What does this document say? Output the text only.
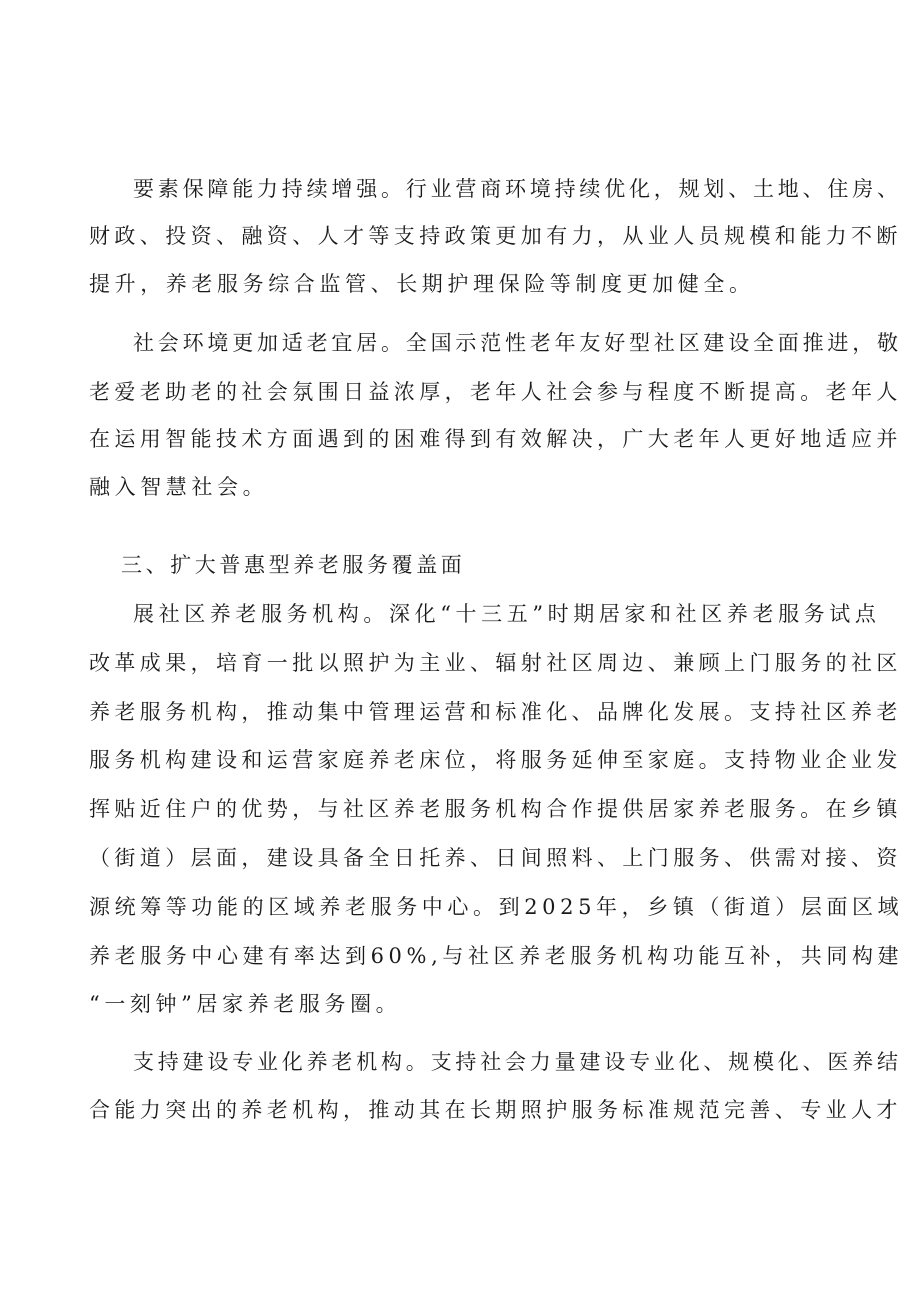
要素保障能力持续增强。行业营商环境持续优化，规划、土地、住房、
财政、投资、融资、人才等支持政策更加有力，从业人员规模和能力不断
提升，养老服务综合监管、长期护理保险等制度更加健全。
社会环境更加适老宜居。全国示范性老年友好型社区建设全面推进，敬
老爱老助老的社会氛围日益浓厚，老年人社会参与程度不断提高。老年人
在运用智能技术方面遇到的困难得到有效解决，广大老年人更好地适应并
融入智慧社会。
三、扩大普惠型养老服务覆盖面
展社区养老服务机构。深化“十三五”时期居家和社区养老服务试点
改革成果，培育一批以照护为主业、辐射社区周边、兼顾上门服务的社区
养老服务机构，推动集中管理运营和标准化、品牌化发展。支持社区养老
服务机构建设和运营家庭养老床位，将服务延伸至家庭。支持物业企业发
挥贴近住户的优势，与社区养老服务机构合作提供居家养老服务。在乡镇
（街道）层面，建设具备全日托养、日间照料、上门服务、供需对接、资
源统筹等功能的区域养老服务中心。到2025年，乡镇（街道）层面区域
养老服务中心建有率达到60%,与社区养老服务机构功能互补，共同构建
“一刻钟”居家养老服务圈。
支持建设专业化养老机构。支持社会力量建设专业化、规模化、医养结
合能力突出的养老机构，推动其在长期照护服务标准规范完善、专业人才
